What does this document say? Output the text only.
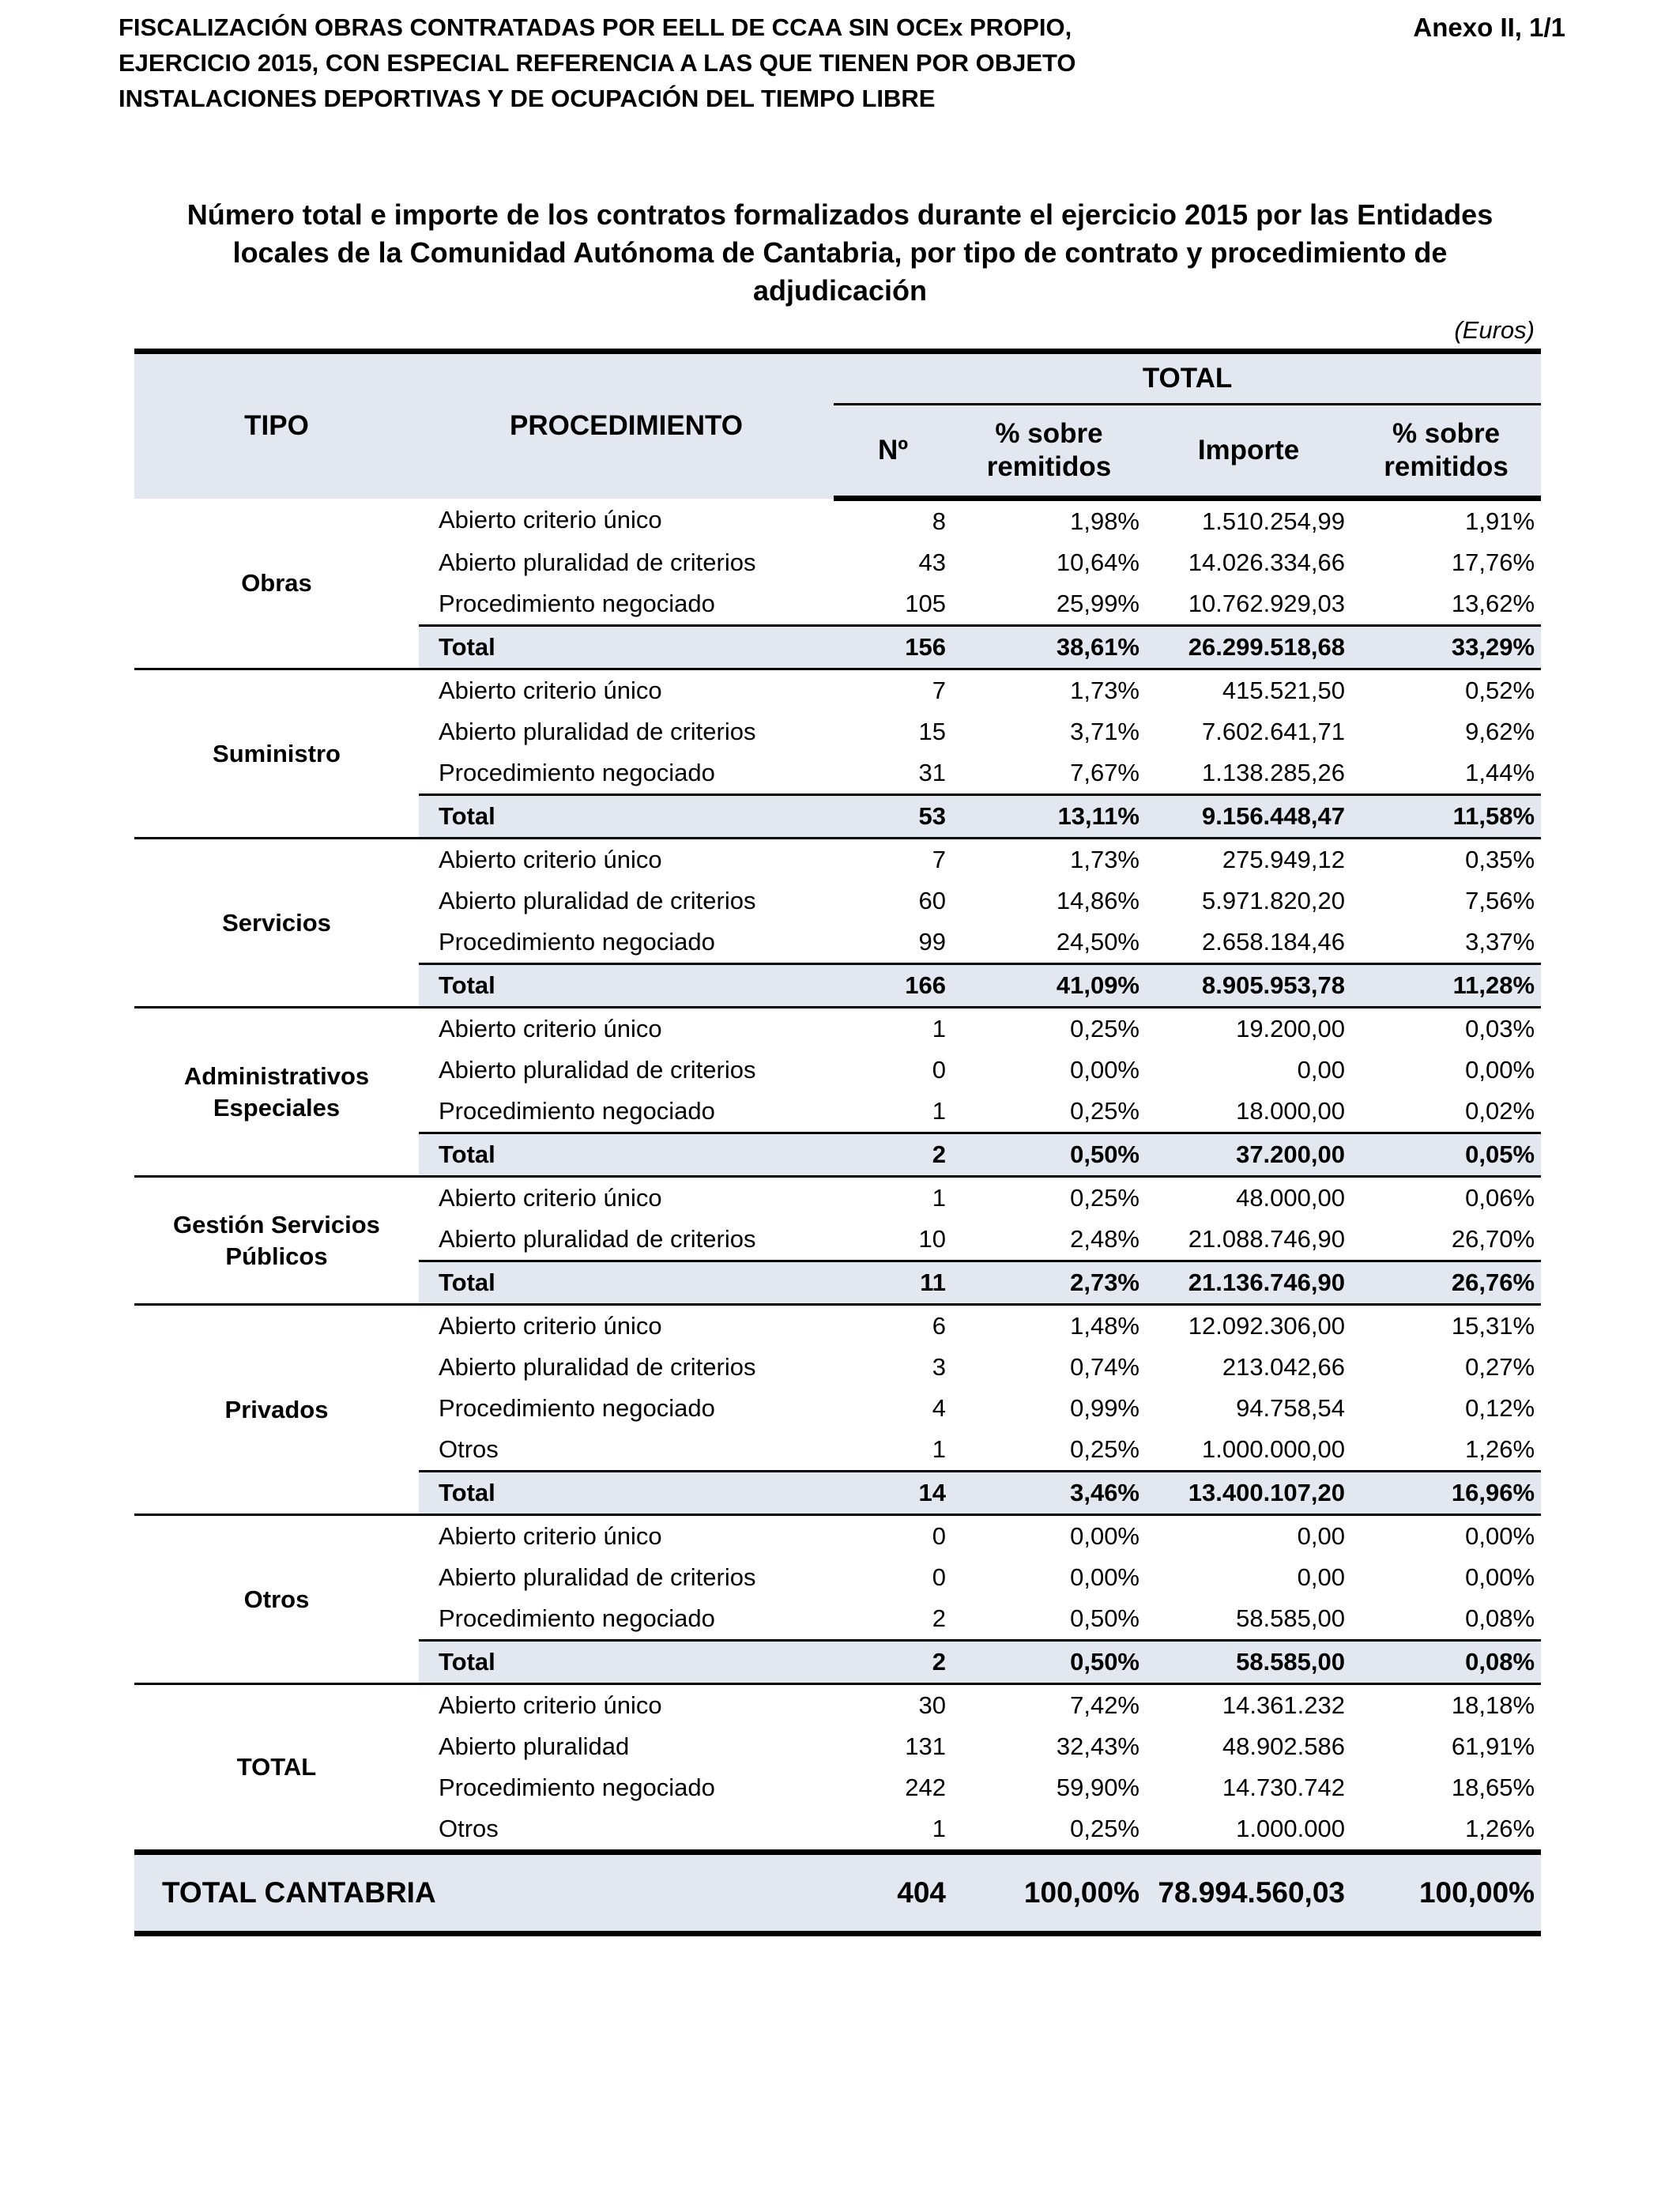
FISCALIZACIÓN OBRAS CONTRATADAS POR EELL DE CCAA SIN OCEx PROPIO,
EJERCICIO 2015, CON ESPECIAL REFERENCIA A LAS QUE TIENEN POR OBJETO
INSTALACIONES DEPORTIVAS Y DE OCUPACIÓN DEL TIEMPO LIBRE
Anexo II, 1/1
Número total e importe de los contratos formalizados durante el ejercicio 2015 por las Entidades
locales de la Comunidad Autónoma de Cantabria, por tipo de contrato y procedimiento de
adjudicación
(Euros)
TIPO	PROCEDIMIENTO	TOTAL			
		Nº	% sobre remitidos	Importe	% sobre remitidos
Obras	Abierto criterio único	8	1,98%	1.510.254,99	1,91%
	Abierto pluralidad de criterios	43	10,64%	14.026.334,66	17,76%
	Procedimiento negociado	105	25,99%	10.762.929,03	13,62%
	Total	156	38,61%	26.299.518,68	33,29%
Suministro	Abierto criterio único	7	1,73%	415.521,50	0,52%
	Abierto pluralidad de criterios	15	3,71%	7.602.641,71	9,62%
	Procedimiento negociado	31	7,67%	1.138.285,26	1,44%
	Total	53	13,11%	9.156.448,47	11,58%
Servicios	Abierto criterio único	7	1,73%	275.949,12	0,35%
	Abierto pluralidad de criterios	60	14,86%	5.971.820,20	7,56%
	Procedimiento negociado	99	24,50%	2.658.184,46	3,37%
	Total	166	41,09%	8.905.953,78	11,28%
Administrativos Especiales	Abierto criterio único	1	0,25%	19.200,00	0,03%
	Abierto pluralidad de criterios	0	0,00%	0,00	0,00%
	Procedimiento negociado	1	0,25%	18.000,00	0,02%
	Total	2	0,50%	37.200,00	0,05%
Gestión Servicios Públicos	Abierto criterio único	1	0,25%	48.000,00	0,06%
	Abierto pluralidad de criterios	10	2,48%	21.088.746,90	26,70%
	Total	11	2,73%	21.136.746,90	26,76%
Privados	Abierto criterio único	6	1,48%	12.092.306,00	15,31%
	Abierto pluralidad de criterios	3	0,74%	213.042,66	0,27%
	Procedimiento negociado	4	0,99%	94.758,54	0,12%
	Otros	1	0,25%	1.000.000,00	1,26%
	Total	14	3,46%	13.400.107,20	16,96%
Otros	Abierto criterio único	0	0,00%	0,00	0,00%
	Abierto pluralidad de criterios	0	0,00%	0,00	0,00%
	Procedimiento negociado	2	0,50%	58.585,00	0,08%
	Total	2	0,50%	58.585,00	0,08%
TOTAL	Abierto criterio único	30	7,42%	14.361.232	18,18%
	Abierto pluralidad	131	32,43%	48.902.586	61,91%
	Procedimiento negociado	242	59,90%	14.730.742	18,65%
	Otros	1	0,25%	1.000.000	1,26%
TOTAL CANTABRIA		404	100,00%	78.994.560,03	100,00%
